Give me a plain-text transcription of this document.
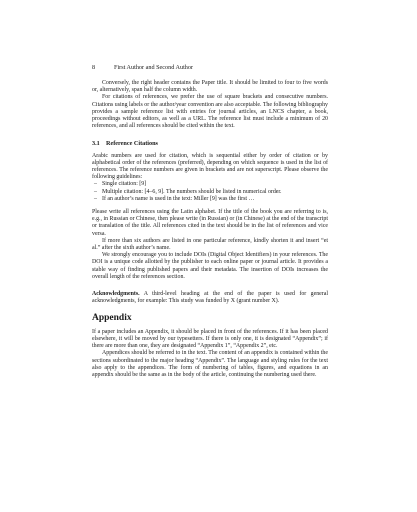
8	First Author and Second Author

Conversely, the right header contains the Paper title. It should be limited to four to five words or, alternatively, span half the column width.

For citations of references, we prefer the use of square brackets and consecutive numbers. Citations using labels or the author/year convention are also acceptable. The following bibliography provides a sample reference list with entries for journal articles, an LNCS chapter, a book, proceedings without editors, as well as a URL. The reference list must include a minimum of 20 references, and all references should be cited within the text.

3.1 Reference Citations

Arabic numbers are used for citation, which is sequential either by order of citation or by alphabetical order of the references (preferred), depending on which sequence is used in the list of references. The reference numbers are given in brackets and are not superscript. Please observe the following guidelines:

– Single citation: [9]
– Multiple citation: [4–6, 9]. The numbers should be listed in numerical order.
– If an author’s name is used in the text: Miller [9] was the first …

Please write all references using the Latin alphabet. If the title of the book you are referring to is, e.g., in Russian or Chinese, then please write (in Russian) or (in Chinese) at the end of the transcript or translation of the title. All references cited in the text should be in the list of references and vice versa.

If more than six authors are listed in one particular reference, kindly shorten it and insert “et al.” after the sixth author’s name.

We strongly encourage you to include DOIs (Digital Object Identifiers) in your references. The DOI is a unique code allotted by the publisher to each online paper or journal article. It provides a stable way of finding published papers and their metadata. The insertion of DOIs increases the overall length of the references section.

Acknowledgments. A third-level heading at the end of the paper is used for general acknowledgments, for example: This study was funded by X (grant number X).

Appendix

If a paper includes an Appendix, it should be placed in front of the references. If it has been placed elsewhere, it will be moved by our typesetters. If there is only one, it is designated “Appendix”; if there are more than one, they are designated “Appendix 1”, “Appendix 2”, etc.

Appendices should be referred to in the text. The content of an appendix is contained within the sections subordinated to the major heading “Appendix”. The language and styling rules for the text also apply to the appendices. The form of numbering of tables, figures, and equations in an appendix should be the same as in the body of the article, continuing the numbering used there.
